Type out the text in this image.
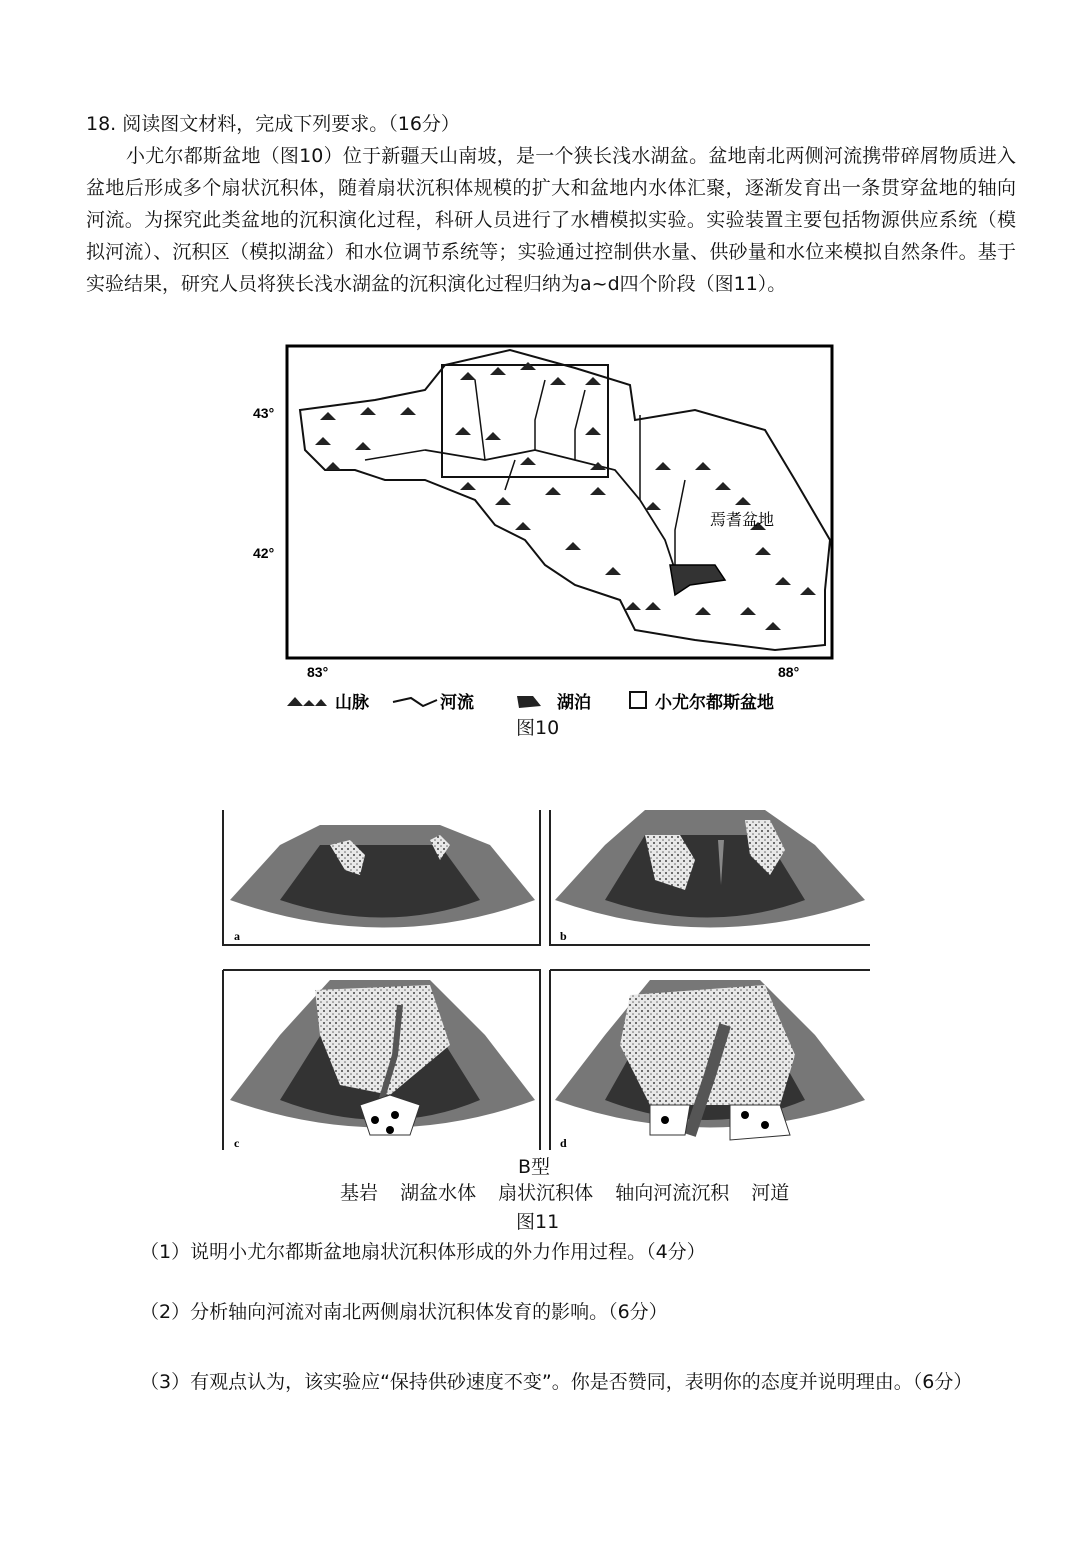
18. 阅读图文材料，完成下列要求。（16分）

小尤尔都斯盆地（图10）位于新疆天山南坡，是一个狭长浅水湖盆。盆地南北两侧河流携带碎屑物质进入盆地后形成多个扇状沉积体，随着扇状沉积体规模的扩大和盆地内水体汇聚，逐渐发育出一条贯穿盆地的轴向河流。为探究此类盆地的沉积演化过程，科研人员进行了水槽模拟实验。实验装置主要包括物源供应系统（模拟河流）、沉积区（模拟湖盆）和水位调节系统等；实验通过控制供水量、供砂量和水位来模拟自然条件。基于实验结果，研究人员将狭长浅水湖盆的沉积演化过程归纳为a~d四个阶段（图11）。

焉耆盆地
43°
42°
83°	88°
山脉	河流	湖泊	小尤尔都斯盆地
图10
a	b
c	d
B型
基岩 湖盆水体 扇状沉积体 轴向河流沉积 河道
图11

（1）说明小尤尔都斯盆地扇状沉积体形成的外力作用过程。（4分）

（2）分析轴向河流对南北两侧扇状沉积体发育的影响。（6分）

（3）有观点认为，该实验应“保持供砂速度不变”。你是否赞同，表明你的态度并说明理由。（6分）
